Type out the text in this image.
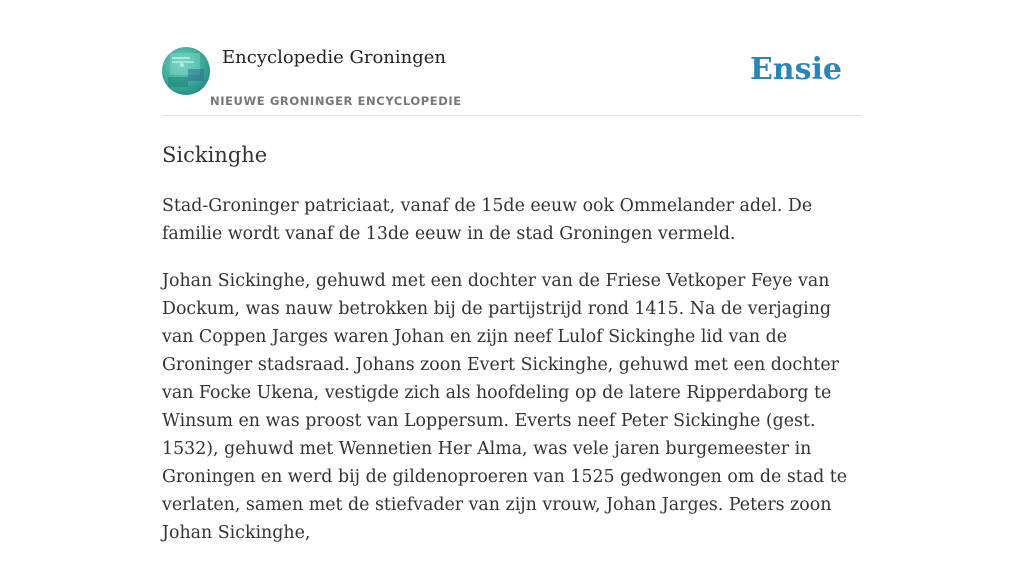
Encyclopedie Groningen
NIEUWE GRONINGER ENCYCLOPEDIE
Ensie
Sickinghe

Stad-Groninger patriciaat, vanaf de 15de eeuw ook Ommelander adel. De familie wordt vanaf de 13de eeuw in de stad Groningen vermeld.

Johan Sickinghe, gehuwd met een dochter van de Friese Vetkoper Feye van Dockum, was nauw betrokken bij de partijstrijd rond 1415. Na de verjaging van Coppen Jarges waren Johan en zijn neef Lulof Sickinghe lid van de Groninger stadsraad. Johans zoon Evert Sickinghe, gehuwd met een dochter van Focke Ukena, vestigde zich als hoofdeling op de latere Ripperdaborg te Winsum en was proost van Loppersum. Everts neef Peter Sickinghe (gest. 1532), gehuwd met Wennetien Her Alma, was vele jaren burgemeester in Groningen en werd bij de gildenoproeren van 1525 gedwongen om de stad te verlaten, samen met de stiefvader van zijn vrouw, Johan Jarges. Peters zoon Johan Sickinghe,
